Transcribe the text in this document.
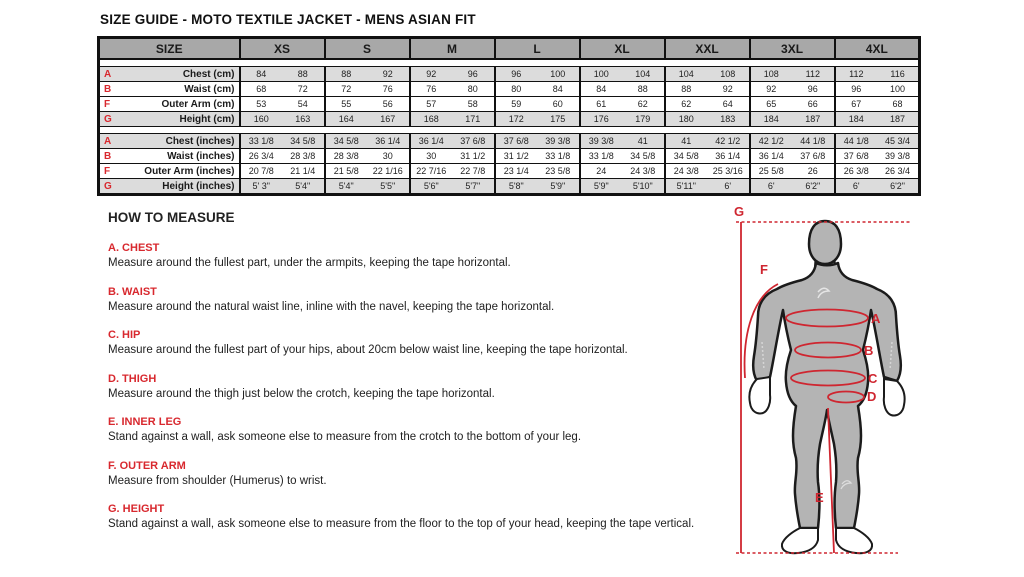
SIZE GUIDE - MOTO TEXTILE JACKET - MENS ASIAN FIT
SIZE	XS		S		M		L		XL		XXL		3XL		4XL	

A Chest (cm)	84	88	88	92	92	96	96	100	100	104	104	108	108	112	112	116

B Waist (cm)	68	72	72	76	76	80	80	84	84	88	88	92	92	96	96	100

F Outer Arm (cm)	53	54	55	56	57	58	59	60	61	62	62	64	65	66	67	68

G Height (cm)	160	163	164	167	168	171	172	175	176	179	180	183	184	187	184	187

A Chest (inches)	33 1/8	34 5/8	34 5/8	36 1/4	36 1/4	37 6/8	37 6/8	39 3/8	39 3/8	41	41	42 1/2	42 1/2	44 1/8	44 1/8	45 3/4

B Waist (inches)	26 3/4	28 3/8	28 3/8	30	30	31 1/2	31 1/2	33 1/8	33 1/8	34 5/8	34 5/8	36 1/4	36 1/4	37 6/8	37 6/8	39 3/8

F Outer Arm (inches)	20 7/8	21 1/4	21 5/8	22 1/16	22 7/16	22 7/8	23 1/4	23 5/8	24	24 3/8	24 3/8	25 3/16	25 5/8	26	26 3/8	26 3/4

G Height (inches)	5' 3"	5'4"	5'4"	5'5"	5'6"	5'7"	5'8"	5'9"	5'9"	5'10"	5'11"	6'	6'	6'2"	6'	6'2"
HOW TO MEASURE

A. CHEST

Measure around the fullest part, under the armpits, keeping the tape horizontal.

B. WAIST

Measure around the natural waist line, inline with the navel, keeping the tape horizontal.

C. HIP

Measure around the fullest part of your hips, about 20cm below waist line, keeping the tape horizontal.

D. THIGH

Measure around the thigh just below the crotch, keeping the tape horizontal.

E. INNER LEG

Stand against a wall, ask someone else to measure from the crotch to the bottom of your leg.

F. OUTER ARM

Measure from shoulder (Humerus) to wrist.

G. HEIGHT

Stand against a wall, ask someone else to measure from the floor to the top of your head, keeping the tape vertical.

G
F
A
B
C
D
E
